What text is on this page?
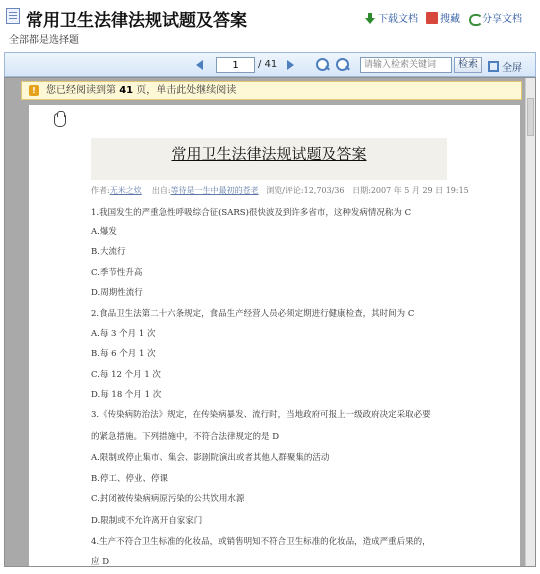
常用卫生法律法规试题及答案
全部都是选择题
下载文档 搜藏 分享文档
1
/ 41
请输入检索关键词	检索	全屏
!	您已经阅读到第 41 页，单击此处继续阅读
常用卫生法律法规试题及答案
作者:无米之炊 出自:等待是一生中最初的苍老 浏览/评论:12,703/36 日期:2007 年 5 月 29 日 19:15
1.我国发生的严重急性呼吸综合征(SARS)很快波及到许多省市，这种发病情况称为 C
A.爆发
B.大流行
C.季节性升高
D.周期性流行
2.食品卫生法第二十六条规定，食品生产经营人员必须定期进行健康检查，其时间为 C
A.每 3 个月 1 次
B.每 6 个月 1 次
C.每 12 个月 1 次
D.每 18 个月 1 次
3.《传染病防治法》规定，在传染病暴发、流行时，当地政府可报上一级政府决定采取必要
的紧急措施。下列措施中，不符合法律规定的是 D
A.限制或停止集市、集会、影剧院演出或者其他人群聚集的活动
B.停工、停业、停课
C.封闭被传染病病原污染的公共饮用水源
D.限制或不允许离开自家家门
4.生产不符合卫生标准的化妆品，或销售明知不符合卫生标准的化妆品，造成严重后果的，
应 D
